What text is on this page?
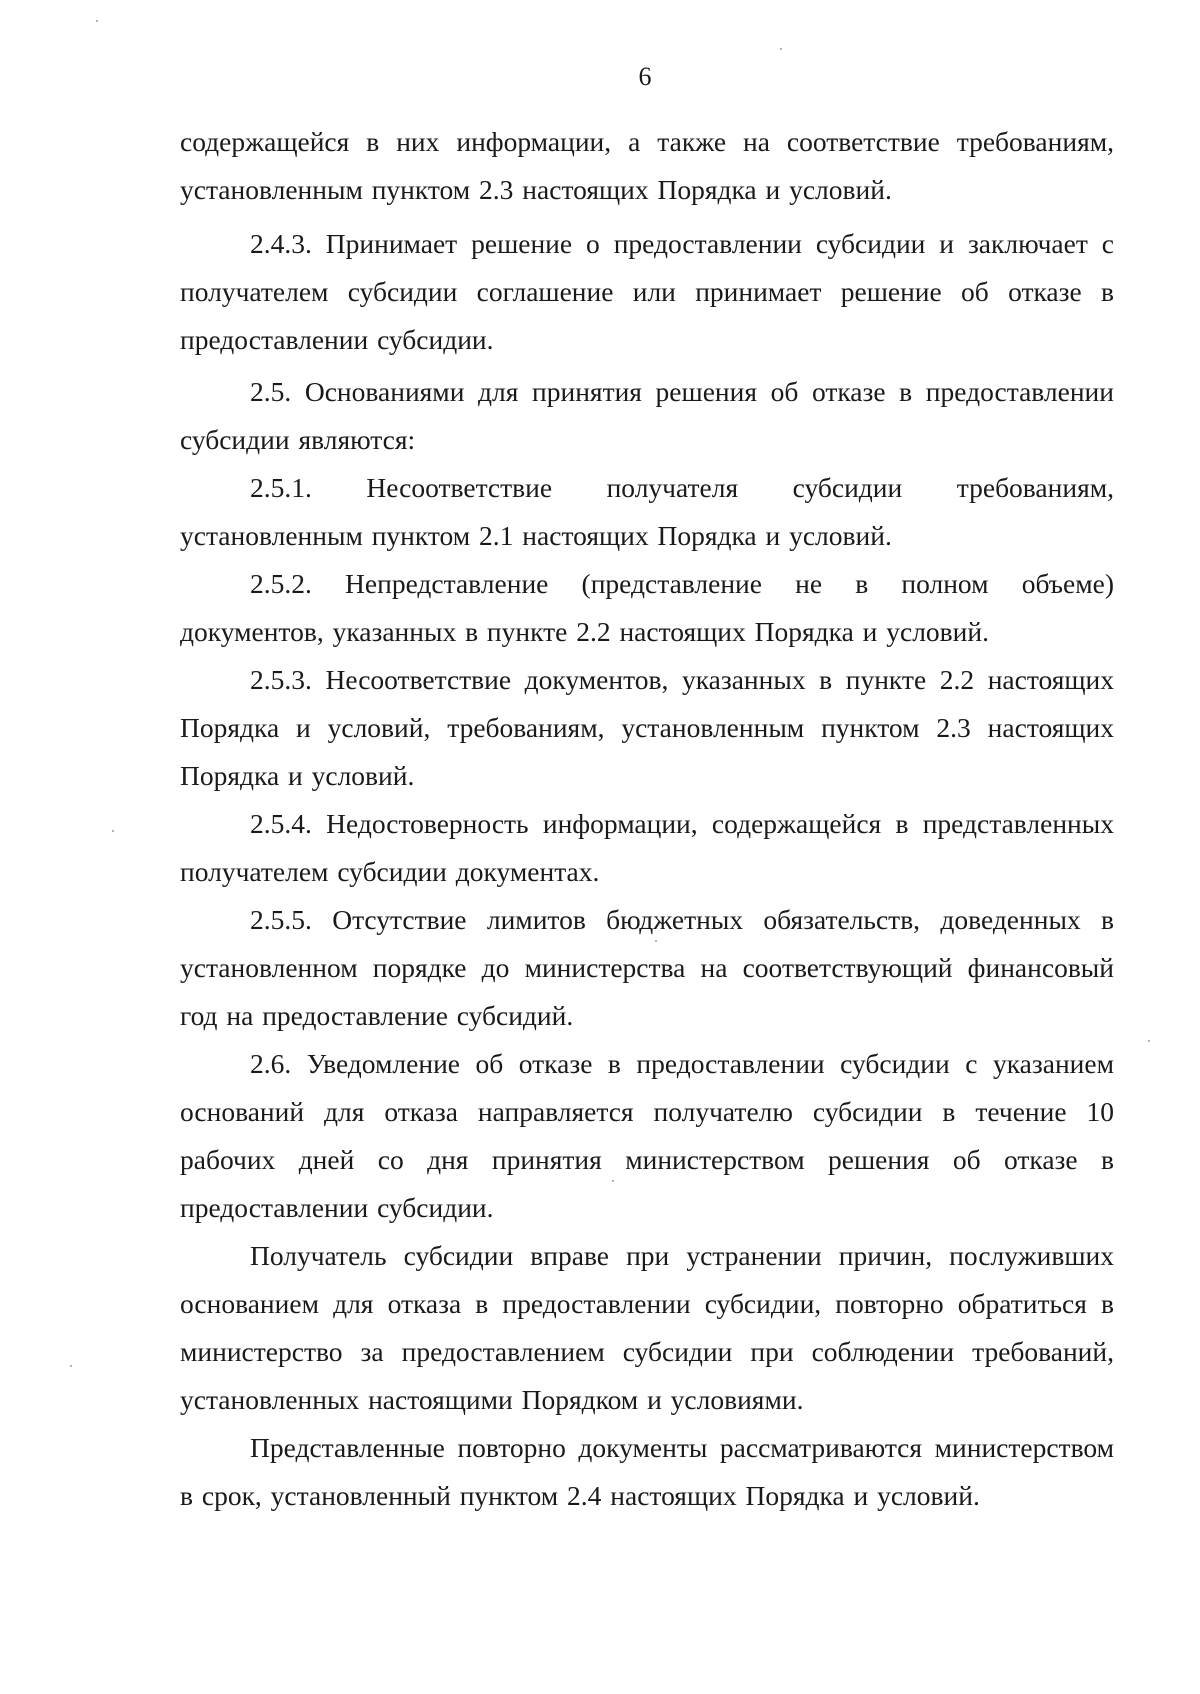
6

содержащейся в них информации, а также на соответствие требованиям, установленным пунктом 2.3 настоящих Порядка и условий.

2.4.3. Принимает решение о предоставлении субсидии и заключает с получателем субсидии соглашение или принимает решение об отказе в предоставлении субсидии.

2.5. Основаниями для принятия решения об отказе в предоставлении субсидии являются:

2.5.1. Несоответствие получателя субсидии требованиям, установленным пунктом 2.1 настоящих Порядка и условий.

2.5.2. Непредставление (представление не в полном объеме) документов, указанных в пункте 2.2 настоящих Порядка и условий.

2.5.3. Несоответствие документов, указанных в пункте 2.2 настоящих Порядка и условий, требованиям, установленным пунктом 2.3 настоящих Порядка и условий.

2.5.4. Недостоверность информации, содержащейся в представленных получателем субсидии документах.

2.5.5. Отсутствие лимитов бюджетных обязательств, доведенных в установленном порядке до министерства на соответствующий финансовый год на предоставление субсидий.

2.6. Уведомление об отказе в предоставлении субсидии с указанием оснований для отказа направляется получателю субсидии в течение 10 рабочих дней со дня принятия министерством решения об отказе в предоставлении субсидии.

Получатель субсидии вправе при устранении причин, послуживших основанием для отказа в предоставлении субсидии, повторно обратиться в министерство за предоставлением субсидии при соблюдении требований, установленных настоящими Порядком и условиями.

Представленные повторно документы рассматриваются министерством в срок, установленный пунктом 2.4 настоящих Порядка и условий.
